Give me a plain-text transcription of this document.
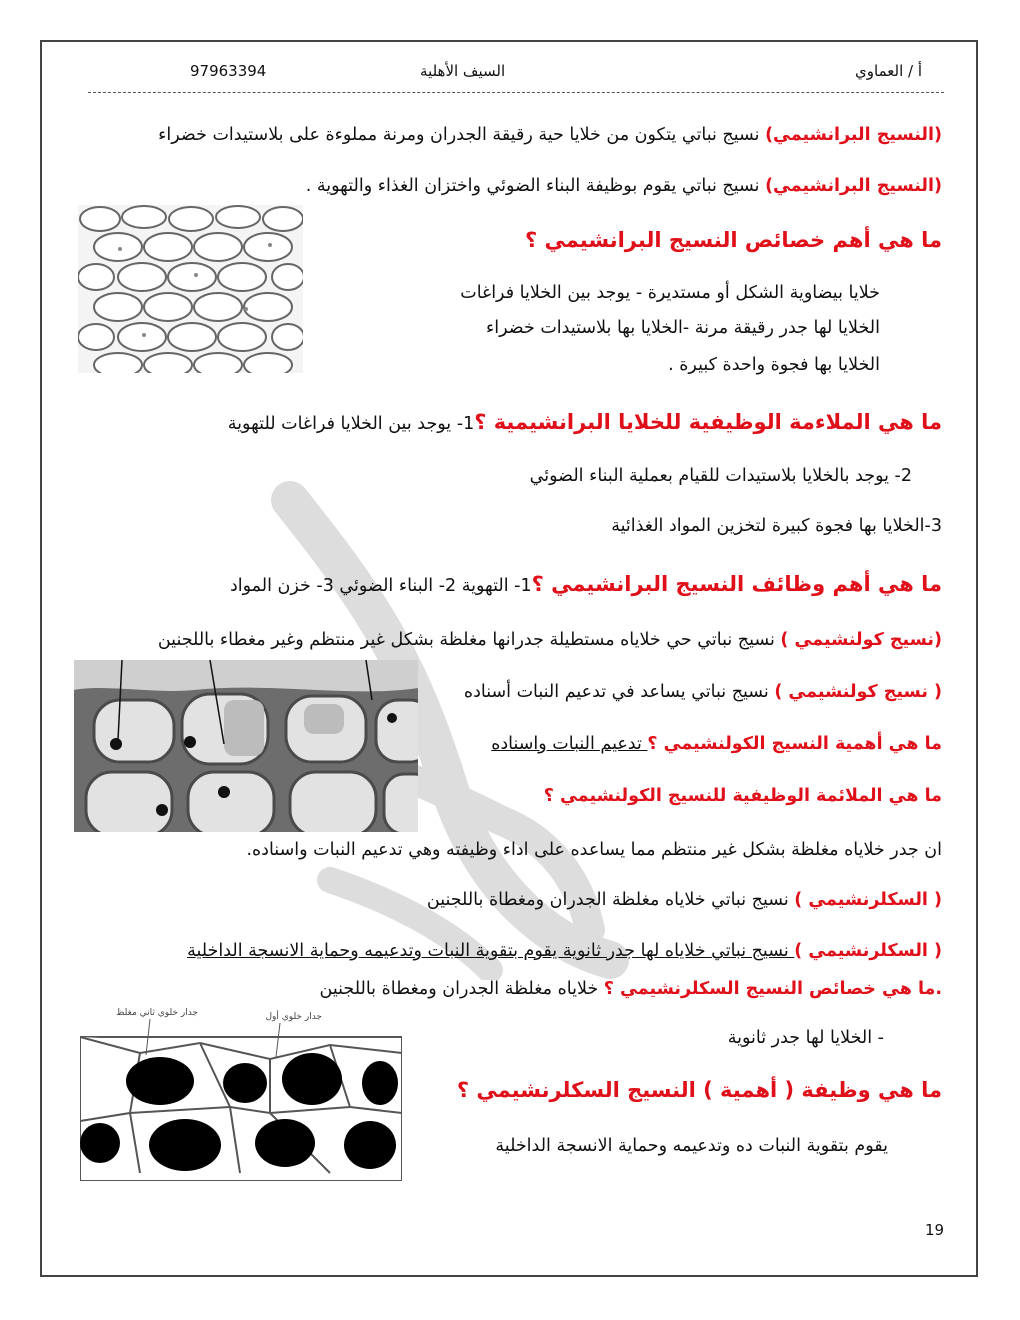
97963394	السيف الأهلية	أ / العماوي
(النسيج البرانشيمي) نسيج نباتي يتكون من خلايا حية رقيقة الجدران ومرنة مملوءة على بلاستيدات خضراء
(النسيج البرانشيمي) نسيج نباتي يقوم بوظيفة البناء الضوئي واختزان الغذاء والتهوية .
ما هي أهم خصائص النسيج البرانشيمي ؟
خلايا بيضاوية الشكل أو مستديرة - يوجد بين الخلايا فراغات
الخلايا لها جدر رقيقة مرنة -الخلايا بها بلاستيدات خضراء
الخلايا بها فجوة واحدة كبيرة .
ما هي الملاءمة الوظيفية للخلايا البرانشيمية ؟1- يوجد بين الخلايا فراغات للتهوية
2- يوجد بالخلايا بلاستيدات للقيام بعملية البناء الضوئي
3-الخلايا بها فجوة كبيرة لتخزين المواد الغذائية
ما هي أهم وظائف النسيج البرانشيمي ؟1- التهوية 2- البناء الضوئي 3- خزن المواد
(نسيج كولنشيمي ) نسيج نباتي حي خلاياه مستطيلة جدرانها مغلظة بشكل غير منتظم وغير مغطاء باللجنين
( نسيج كولنشيمي ) نسيج نباتي يساعد في تدعيم النبات أسناده
ما هي أهمية النسيج الكولنشيمي ؟ تدعيم النبات واسناده
ما هي الملائمة الوظيفية للنسيج الكولنشيمي ؟
ان جدر خلاياه مغلظة بشكل غير منتظم مما يساعده على اداء وظيفته وهي تدعيم النبات واسناده.
( السكلرنشيمي ) نسيج نباتي خلاياه مغلظة الجدران ومغطاة باللجنين
( السكلرنشيمي ) نسيج نباتي خلاياه لها جدر ثانوية يقوم بتقوية النبات وتدعيمه وحماية الانسجة الداخلية
.ما هي خصائص النسيج السكلرنشيمي ؟ خلاياه مغلظة الجدران ومغطاة باللجنين
جدار خلوي ثاني مغلظ	جدار خلوي أول
- الخلايا لها جدر ثانوية
ما هي وظيفة ( أهمية ) النسيج السكلرنشيمي ؟
يقوم بتقوية النبات ده وتدعيمه وحماية الانسجة الداخلية
19
